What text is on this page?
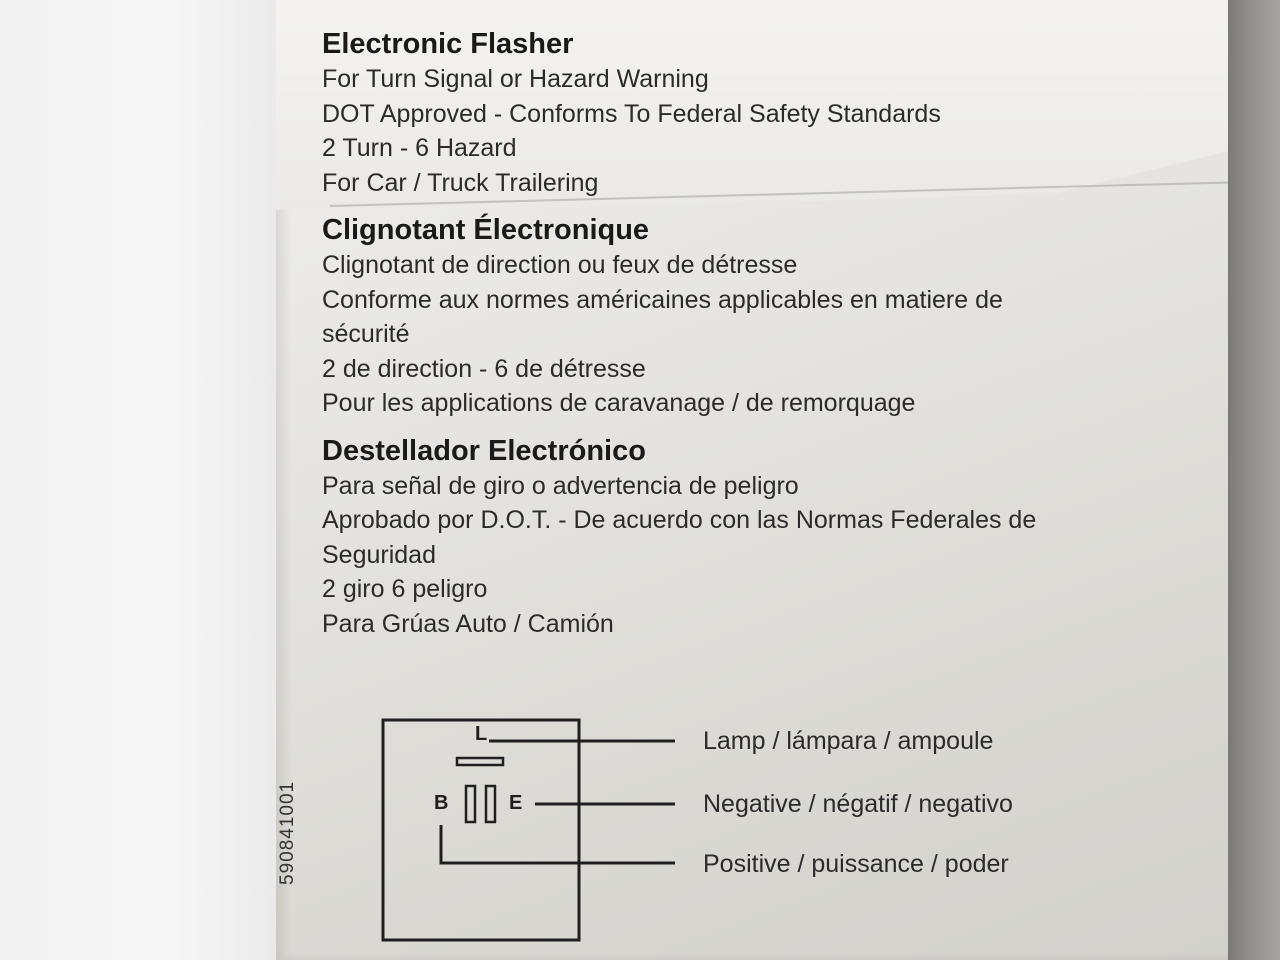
Electronic Flasher

For Turn Signal or Hazard Warning

DOT Approved - Conforms To Federal Safety Standards

2 Turn - 6 Hazard

For Car / Truck Trailering

Clignotant Électronique

Clignotant de direction ou feux de détresse

Conforme aux normes américaines applicables en matiere de

sécurité

2 de direction - 6 de détresse

Pour les applications de caravanage / de remorquage

Destellador Electrónico

Para señal de giro o advertencia de peligro

Aprobado por D.O.T. - De acuerdo con las Normas Federales de

Seguridad

2 giro 6 peligro

Para Grúas Auto / Camión

L
B	E
Lamp / lámpara / ampoule
Negative / négatif / negativo
Positive / puissance / poder
590841001
